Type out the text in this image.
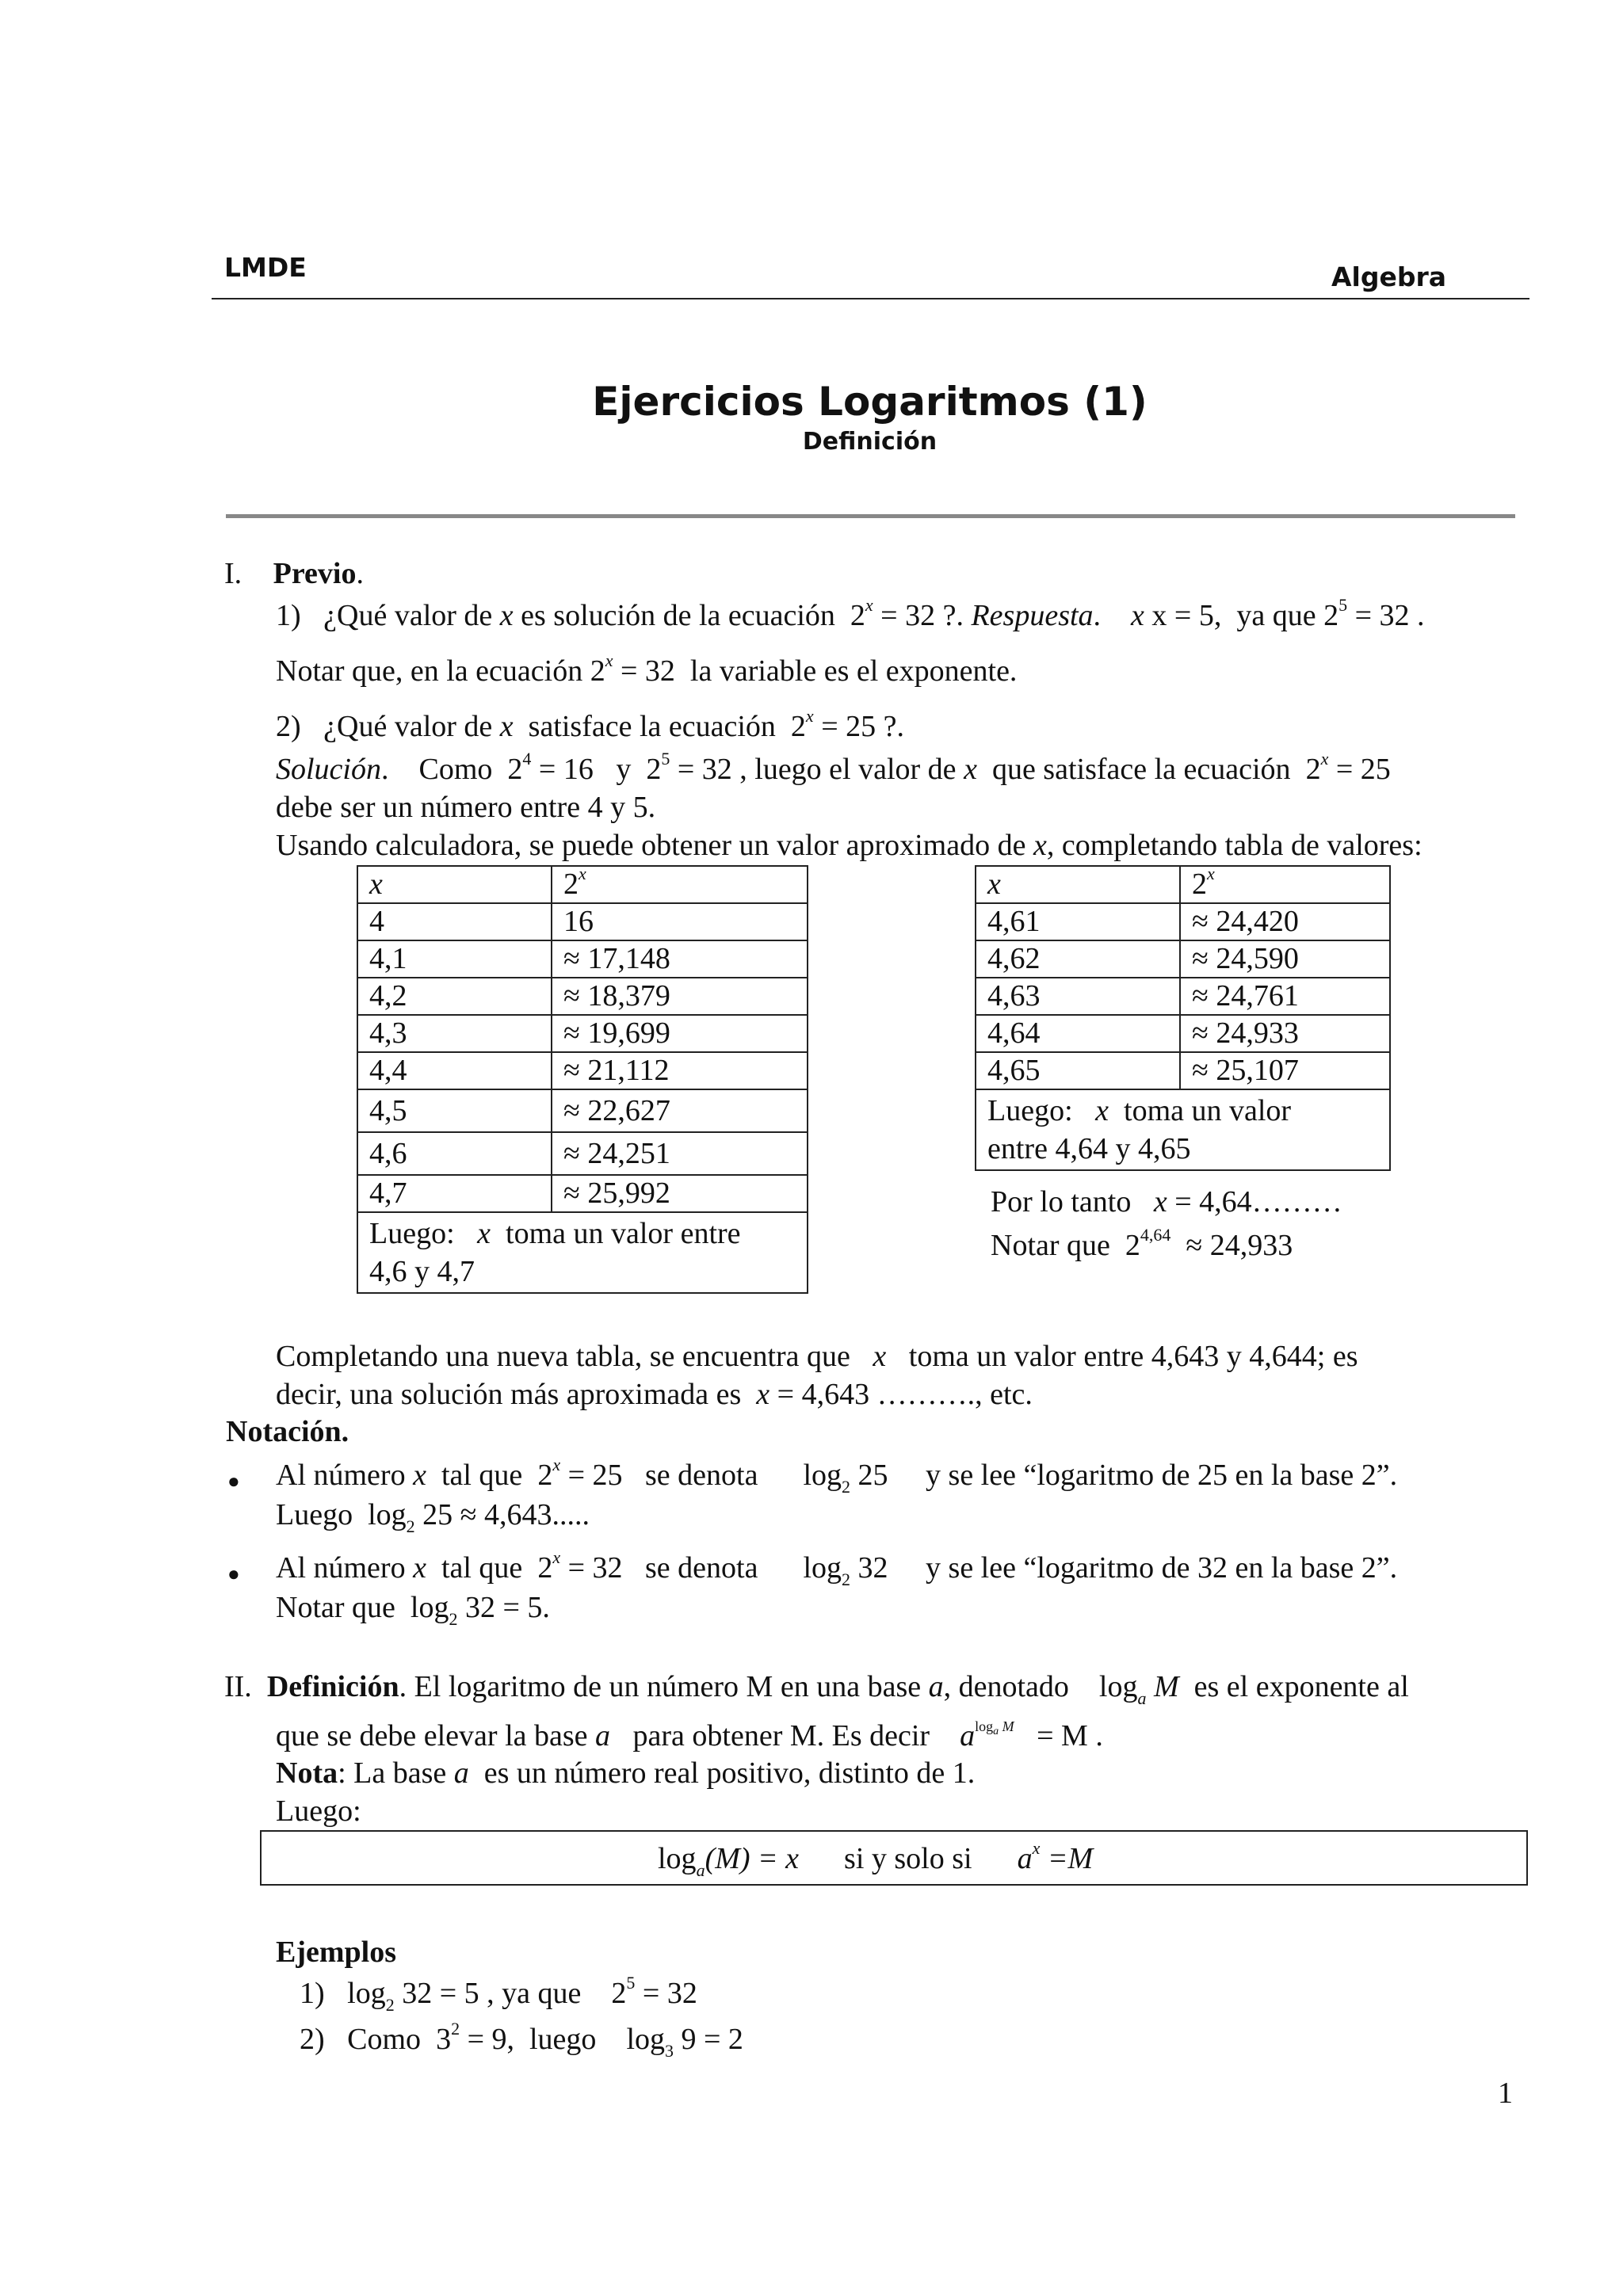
LMDE	Algebra
Ejercicios Logaritmos (1)
Definición
I. Previo.
1) ¿Qué valor de x es solución de la ecuación  $2^x = 32$ ?. Respuesta.    x x = 5, ya que $2^5 = 32$ .
Notar que, en la ecuación $2^x = 32$ la variable es el exponente.
2) ¿Qué valor de x satisface la ecuación  $2^x = 25$ ?.
Solución.    Como  $2^4 = 16$ y  $2^5 = 32$ , luego el valor de x que satisface la ecuación  $2^x = 25$
debe ser un número entre 4 y 5.
Usando calculadora, se puede obtener un valor aproximado de x, completando tabla de valores:
x	2$^x$
4	16
4,1	≈ 17,148
4,2	≈ 18,379
4,3	≈ 19,699
4,4	≈ 21,112
4,5	≈ 22,627
4,6	≈ 24,251
4,7	≈ 25,992
Luego: x toma un valor entre
4,6 y 4,7	
x	2$^x$
4,61	≈ 24,420
4,62	≈ 24,590
4,63	≈ 24,761
4,64	≈ 24,933
4,65	≈ 25,107
Luego: x toma un valor
entre 4,64 y 4,65	
Por lo tanto x = 4,64………
Notar que  $2^{4,64} \approx 24,933$
Completando una nueva tabla, se encuentra que x toma un valor entre 4,643 y 4,644; es
decir, una solución más aproximada es x = 4,643 ………., etc.
Notación.
● Al número x tal que  $2^x = 25$ se denota $\log_2 25$ y se lee “logaritmo de 25 en la base 2”.
Luego $\log_2 25 \approx 4,643$.....
● Al número x tal que  $2^x = 32$ se denota $\log_2 32$ y se lee “logaritmo de 32 en la base 2”.
Notar que $\log_2 32 = 5$.
II. Definición. El logaritmo de un número M en una base a, denotado $\log_a M$ es el exponente al
que se debe elevar la base a para obtener M. Es decir $a^{log_a M} = M$ .
Nota: La base a es un número real positivo, distinto de 1.
Luego:
$\log_a(M) = x$ si y solo si $a^x =M$
Ejemplos
1) $\log_2 32 = 5$ , ya que    $2^5 = 32$
2) Como  $3^2 = 9$, luego $\log_3 9 = 2$
1
